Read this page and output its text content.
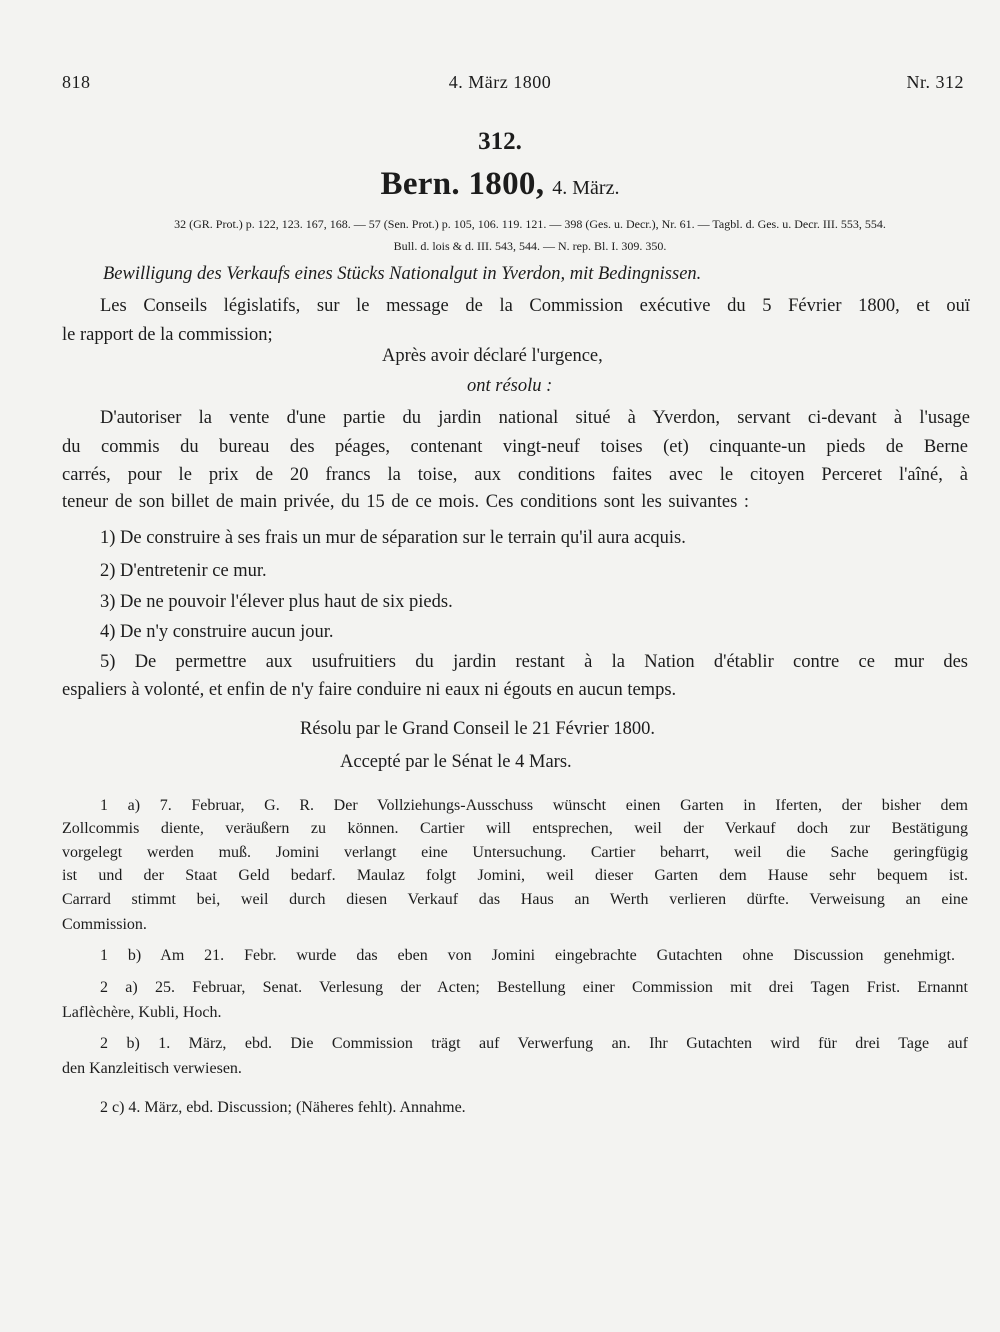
818	4. März 1800	Nr. 312
312.
Bern. 1800, 4. März.
32 (GR. Prot.) p. 122, 123. 167, 168. — 57 (Sen. Prot.) p. 105, 106. 119. 121. — 398 (Ges. u. Decr.), Nr. 61. — Tagbl. d. Ges. u. Decr. III. 553, 554.
Bull. d. lois & d. III. 543, 544. — N. rep. Bl. I. 309. 350.
Bewilligung des Verkaufs eines Stücks Nationalgut in Yverdon, mit Bedingnissen.
Les Conseils législatifs, sur le message de la Commission exécutive du 5 Février 1800, et ouï
le rapport de la commission;
Après avoir déclaré l'urgence,
ont résolu :
D'autoriser la vente d'une partie du jardin national situé à Yverdon, servant ci-devant à l'usage
du commis du bureau des péages, contenant vingt-neuf toises (et) cinquante-un pieds de Berne
carrés, pour le prix de 20 francs la toise, aux conditions faites avec le citoyen Perceret l'aîné, à
teneur de son billet de main privée, du 15 de ce mois. Ces conditions sont les suivantes :
1) De construire à ses frais un mur de séparation sur le terrain qu'il aura acquis.
2) D'entretenir ce mur.
3) De ne pouvoir l'élever plus haut de six pieds.
4) De n'y construire aucun jour.
5) De permettre aux usufruitiers du jardin restant à la Nation d'établir contre ce mur des
espaliers à volonté, et enfin de n'y faire conduire ni eaux ni égouts en aucun temps.
Résolu par le Grand Conseil le 21 Février 1800.
Accepté par le Sénat le 4 Mars.
1 a) 7. Februar, G. R. Der Vollziehungs-Ausschuss wünscht einen Garten in Iferten, der bisher dem
Zollcommis diente, veräußern zu können. Cartier will entsprechen, weil der Verkauf doch zur Bestätigung
vorgelegt werden muß. Jomini verlangt eine Untersuchung. Cartier beharrt, weil die Sache geringfügig
ist und der Staat Geld bedarf. Maulaz folgt Jomini, weil dieser Garten dem Hause sehr bequem ist.
Carrard stimmt bei, weil durch diesen Verkauf das Haus an Werth verlieren dürfte. Verweisung an eine
Commission.
1 b) Am 21. Febr. wurde das eben von Jomini eingebrachte Gutachten ohne Discussion genehmigt.
2 a) 25. Februar, Senat. Verlesung der Acten; Bestellung einer Commission mit drei Tagen Frist. Ernannt
Laflèchère, Kubli, Hoch.
2 b) 1. März, ebd. Die Commission trägt auf Verwerfung an. Ihr Gutachten wird für drei Tage auf
den Kanzleitisch verwiesen.
2 c) 4. März, ebd. Discussion; (Näheres fehlt). Annahme.
